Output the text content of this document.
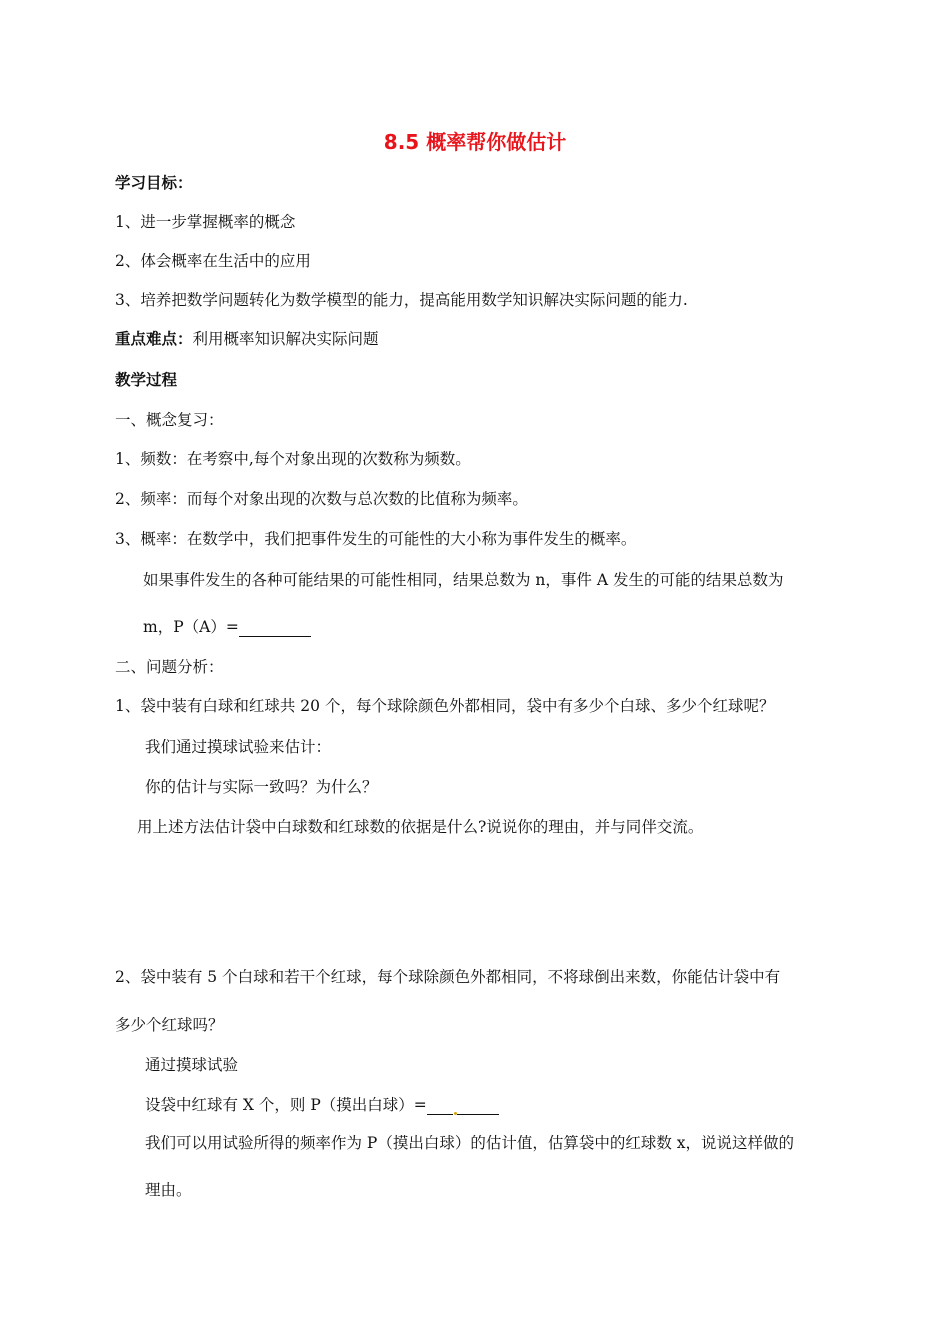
8.5 概率帮你做估计
学习目标：
1、进一步掌握概率的概念
2、体会概率在生活中的应用
3、培养把数学问题转化为数学模型的能力，提高能用数学知识解决实际问题的能力.
重点难点：利用概率知识解决实际问题
教学过程
一、概念复习：
1、频数：在考察中,每个对象出现的次数称为频数。
2、频率：而每个对象出现的次数与总次数的比值称为频率。
3、概率：在数学中，我们把事件发生的可能性的大小称为事件发生的概率。
如果事件发生的各种可能结果的可能性相同，结果总数为 n，事件 A 发生的可能的结果总数为
m，P（A）=
二、问题分析：
1、袋中装有白球和红球共 20 个，每个球除颜色外都相同，袋中有多少个白球、多少个红球呢？
我们通过摸球试验来估计：
你的估计与实际一致吗？为什么？
用上述方法估计袋中白球数和红球数的依据是什么?说说你的理由，并与同伴交流。
2、袋中装有 5 个白球和若干个红球，每个球除颜色外都相同，不将球倒出来数，你能估计袋中有
多少个红球吗？
通过摸球试验
设袋中红球有 X 个，则 P（摸出白球）=
我们可以用试验所得的频率作为 P（摸出白球）的估计值，估算袋中的红球数 x，说说这样做的
理由。
